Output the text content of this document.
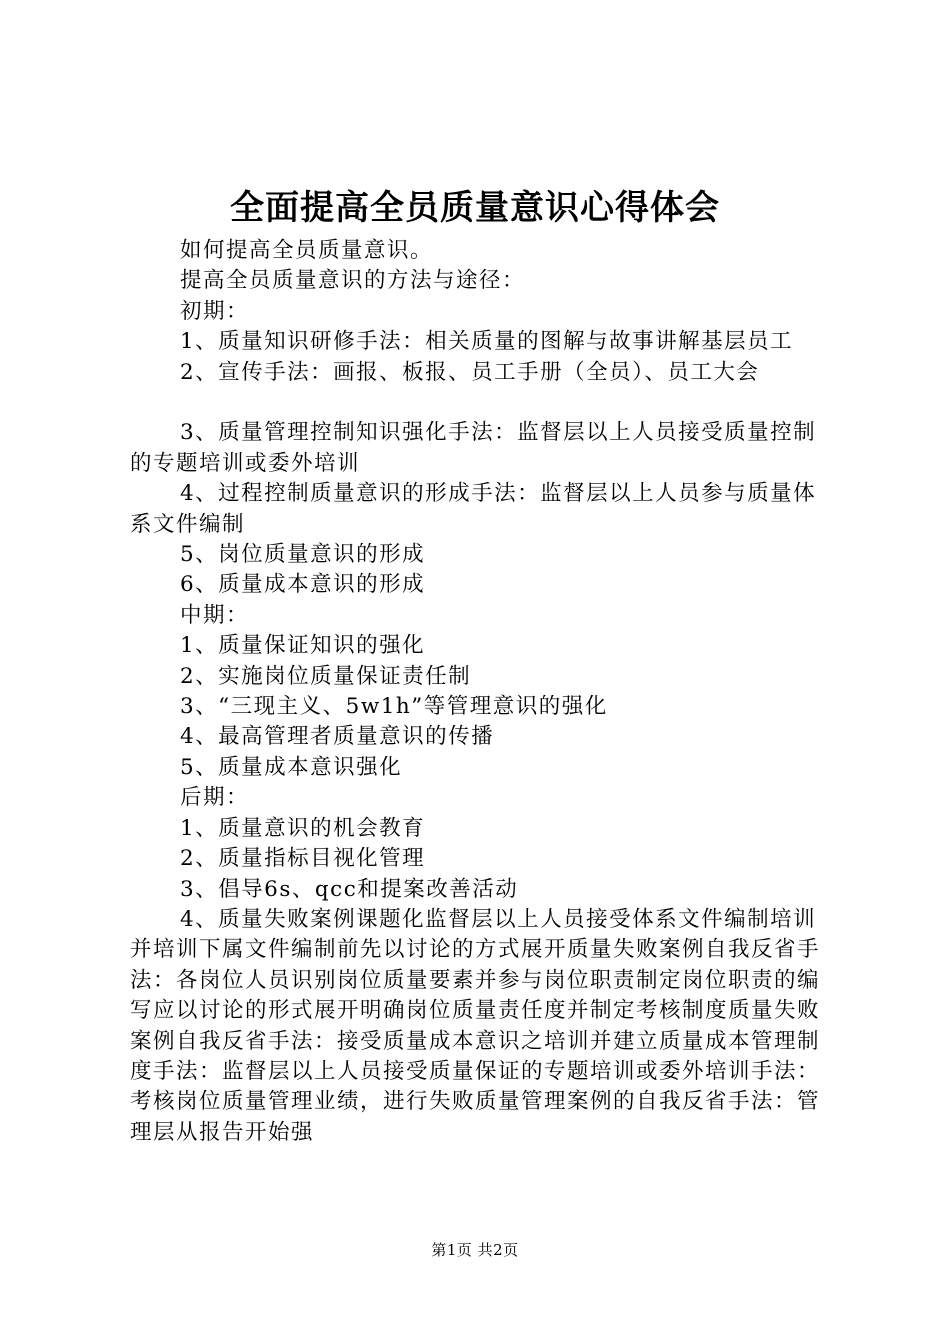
全面提高全员质量意识心得体会

如何提高全员质量意识。

提高全员质量意识的方法与途径：

初期：

1、质量知识研修手法：相关质量的图解与故事讲解基层员工

2、宣传手法：画报、板报、员工手册（全员）、员工大会

3、质量管理控制知识强化手法：监督层以上人员接受质量控制的专题培训或委外培训

4、过程控制质量意识的形成手法：监督层以上人员参与质量体系文件编制

5、岗位质量意识的形成

6、质量成本意识的形成

中期：

1、质量保证知识的强化

2、实施岗位质量保证责任制

3、“三现主义、5w1h”等管理意识的强化

4、最高管理者质量意识的传播

5、质量成本意识强化

后期：

1、质量意识的机会教育

2、质量指标目视化管理

3、倡导6s、qcc和提案改善活动

4、质量失败案例课题化监督层以上人员接受体系文件编制培训并培训下属文件编制前先以讨论的方式展开质量失败案例自我反省手法：各岗位人员识别岗位质量要素并参与岗位职责制定岗位职责的编写应以讨论的形式展开明确岗位质量责任度并制定考核制度质量失败案例自我反省手法：接受质量成本意识之培训并建立质量成本管理制度手法：监督层以上人员接受质量保证的专题培训或委外培训手法：考核岗位质量管理业绩，进行失败质量管理案例的自我反省手法：管理层从报告开始强

第1页 共2页
